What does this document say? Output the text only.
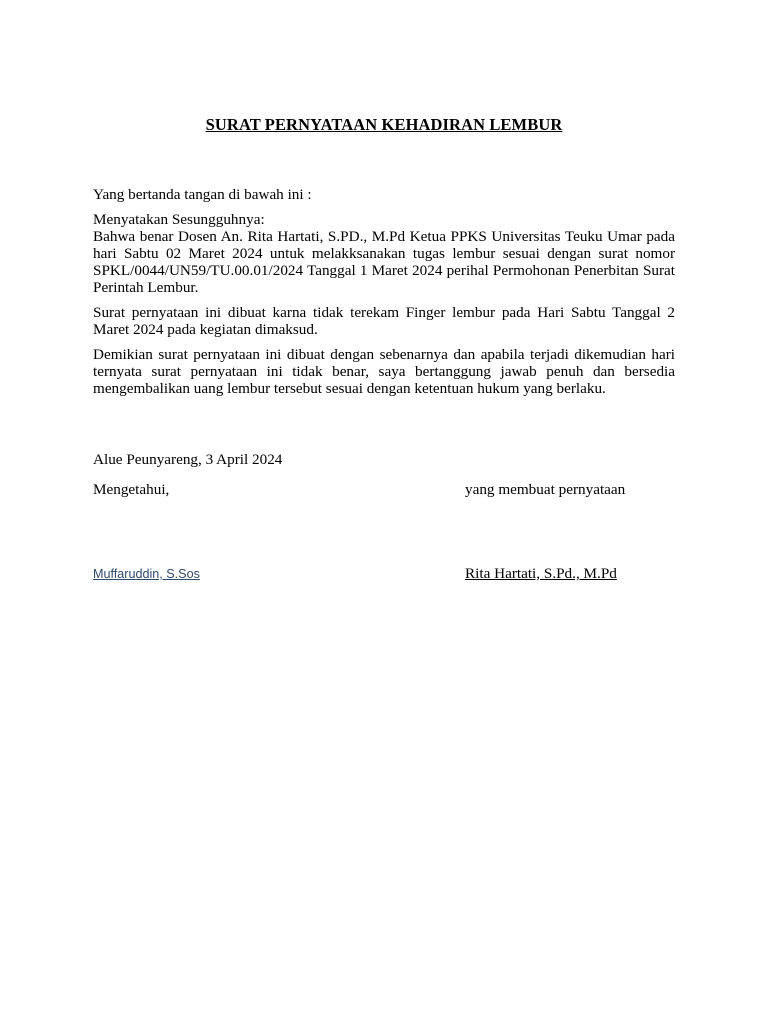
SURAT PERNYATAAN KEHADIRAN LEMBUR

Yang bertanda tangan di bawah ini :

Menyatakan Sesungguhnya:

Bahwa benar Dosen An. Rita Hartati, S.PD., M.Pd Ketua PPKS Universitas Teuku Umar pada hari Sabtu 02 Maret 2024 untuk melakksanakan tugas lembur sesuai dengan surat nomor SPKL/0044/UN59/TU.00.01/2024 Tanggal 1 Maret 2024 perihal Permohonan Penerbitan Surat Perintah Lembur.

Surat pernyataan ini dibuat karna tidak terekam Finger lembur pada Hari Sabtu Tanggal 2 Maret 2024 pada kegiatan dimaksud.

Demikian surat pernyataan ini dibuat dengan sebenarnya dan apabila terjadi dikemudian hari ternyata surat pernyataan ini tidak benar, saya bertanggung jawab penuh dan bersedia mengembalikan uang lembur tersebut sesuai dengan ketentuan hukum yang berlaku.

Alue Peunyareng, 3 April 2024
Mengetahui,	yang membuat pernyataan
Muffaruddin, S.Sos	Rita Hartati, S.Pd., M.Pd
